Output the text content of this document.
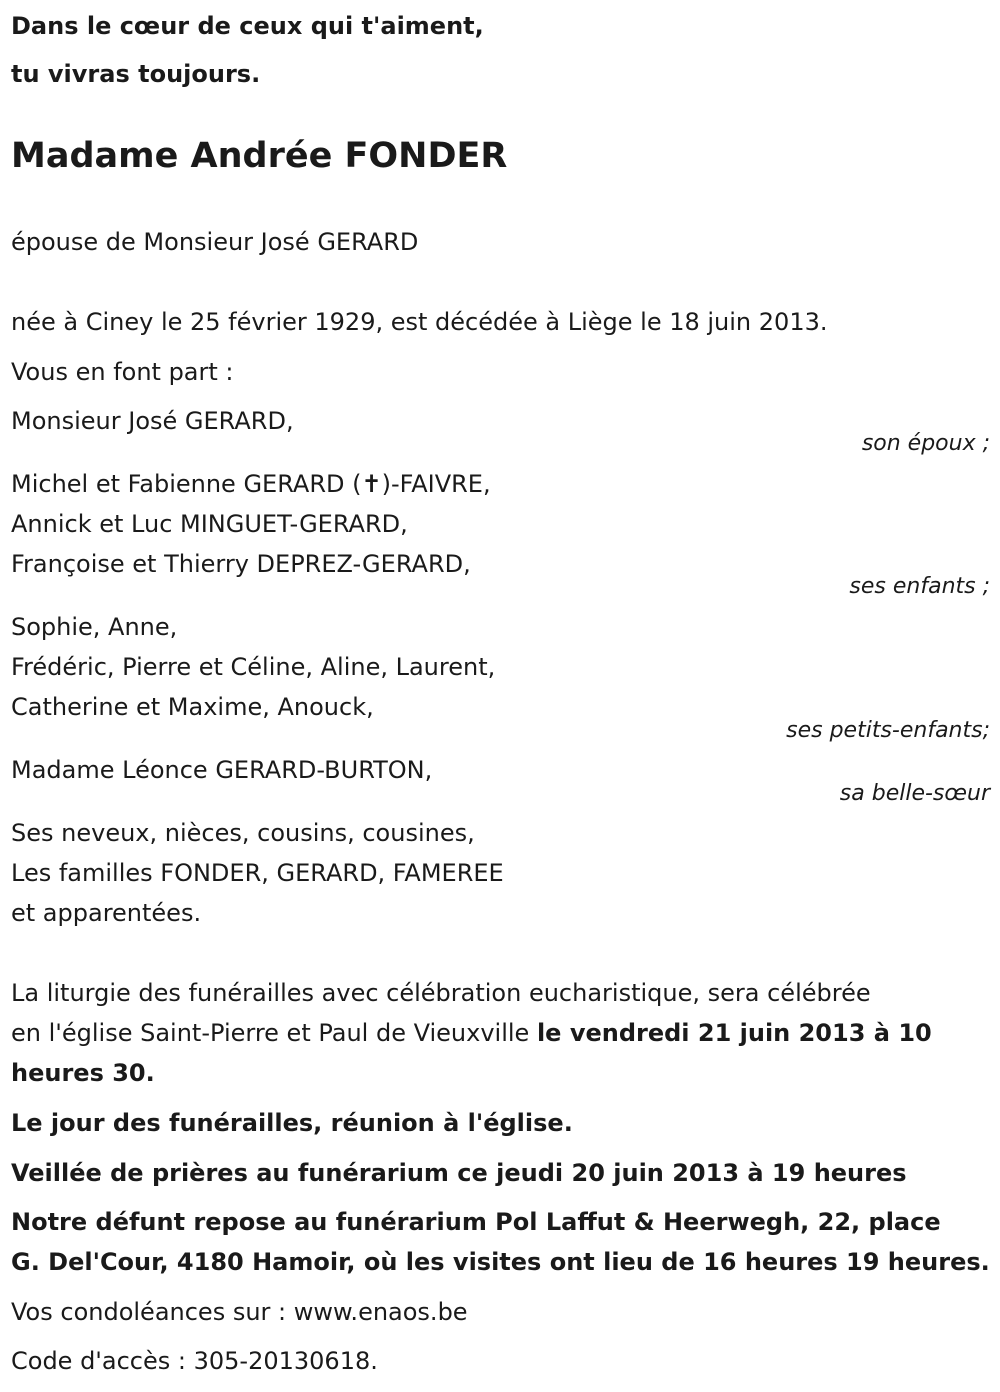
Dans le cœur de ceux qui t'aiment,

tu vivras toujours.

Madame Andrée FONDER

épouse de Monsieur José GERARD

née à Ciney le 25 février 1929, est décédée à Liège le 18 juin 2013.

Vous en font part :

Monsieur José GERARD,

son époux ;

Michel et Fabienne GERARD (✝)-FAIVRE,

Annick et Luc MINGUET-GERARD,

Françoise et Thierry DEPREZ-GERARD,

ses enfants ;

Sophie, Anne,

Frédéric, Pierre et Céline, Aline, Laurent,

Catherine et Maxime, Anouck,

ses petits-enfants;

Madame Léonce GERARD-BURTON,

sa belle-sœur

Ses neveux, nièces, cousins, cousines,

Les familles FONDER, GERARD, FAMEREE

et apparentées.

La liturgie des funérailles avec célébration eucharistique, sera célébrée

en l'église Saint-Pierre et Paul de Vieuxville le vendredi 21 juin 2013 à 10

heures 30.

Le jour des funérailles, réunion à l'église.

Veillée de prières au funérarium ce jeudi 20 juin 2013 à 19 heures

Notre défunt repose au funérarium Pol Laffut & Heerwegh, 22, place

G. Del'Cour, 4180 Hamoir, où les visites ont lieu de 16 heures 19 heures.

Vos condoléances sur : www.enaos.be

Code d'accès : 305-20130618.
